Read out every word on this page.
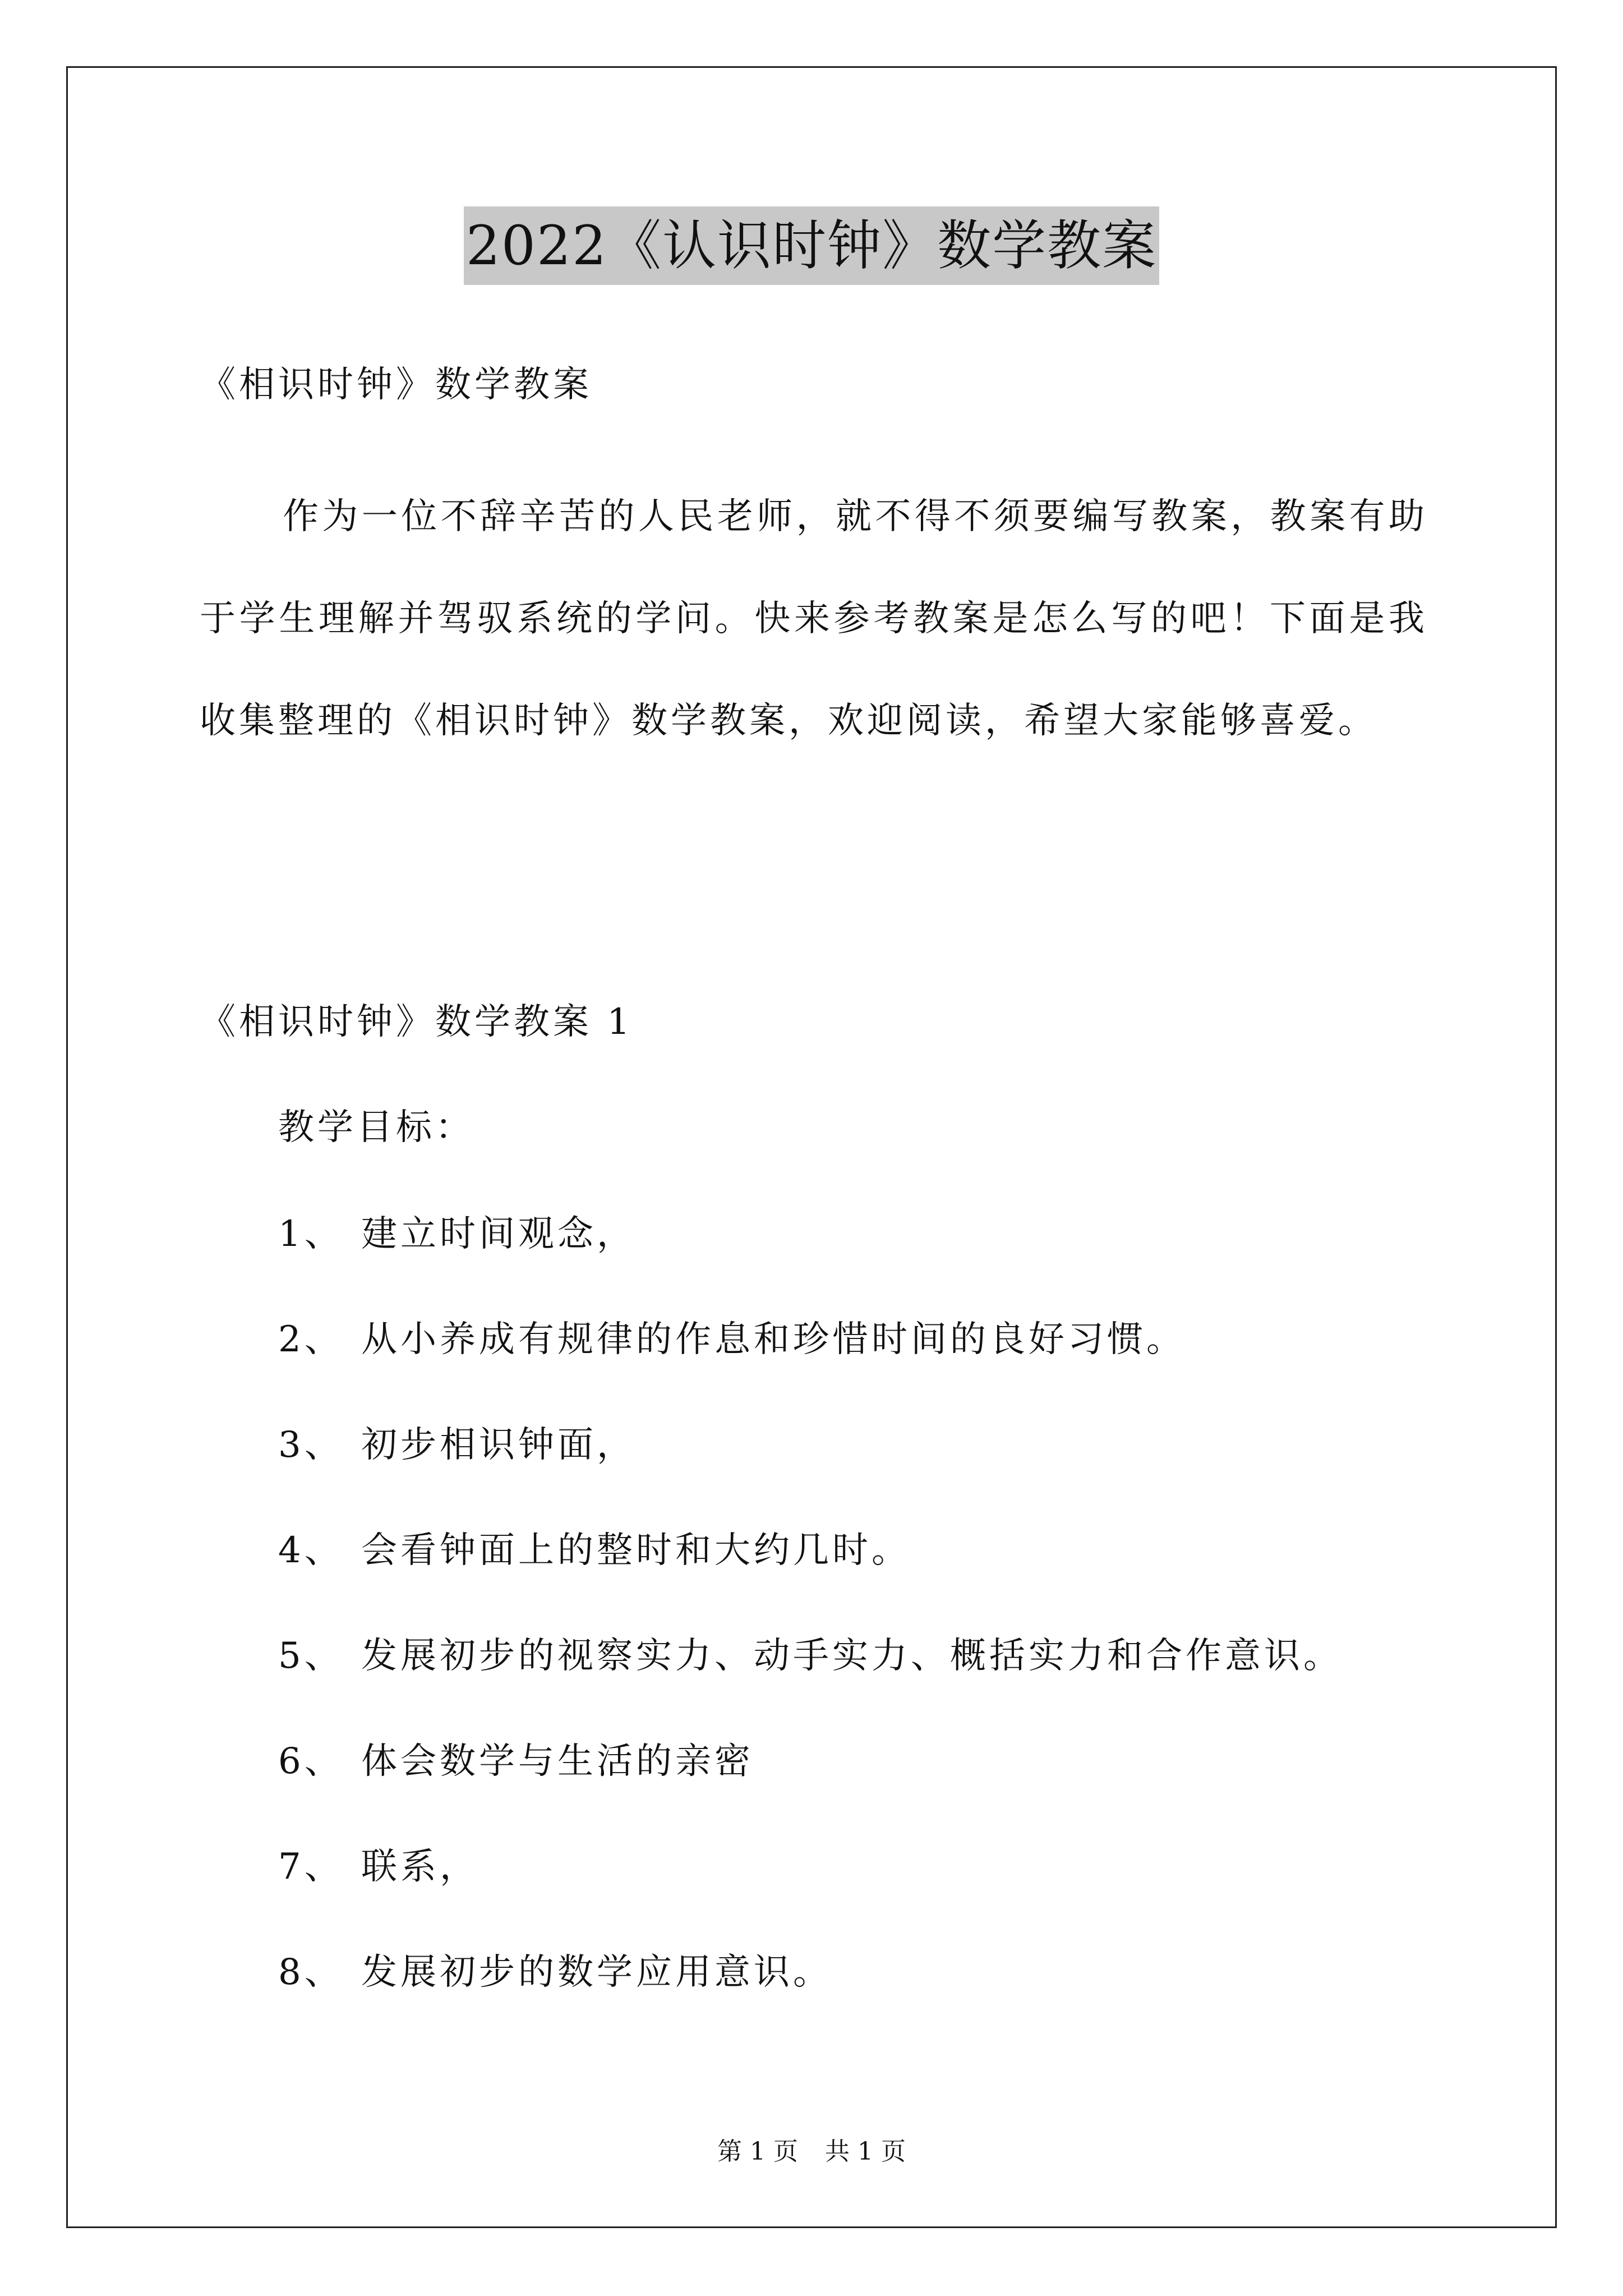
2022《认识时钟》数学教案
《相识时钟》数学教案

作为一位不辞辛苦的人民老师，就不得不须要编写教案，教案有助于学生理解并驾驭系统的学问。快来参考教案是怎么写的吧！下面是我收集整理的《相识时钟》数学教案，欢迎阅读，希望大家能够喜爱。

《相识时钟》数学教案 1
教学目标：
1、 建立时间观念，
2、 从小养成有规律的作息和珍惜时间的良好习惯。
3、 初步相识钟面，
4、 会看钟面上的整时和大约几时。
5、 发展初步的视察实力、动手实力、概括实力和合作意识。
6、 体会数学与生活的亲密
7、 联系，
8、 发展初步的数学应用意识。
第 1 页 共 1 页
